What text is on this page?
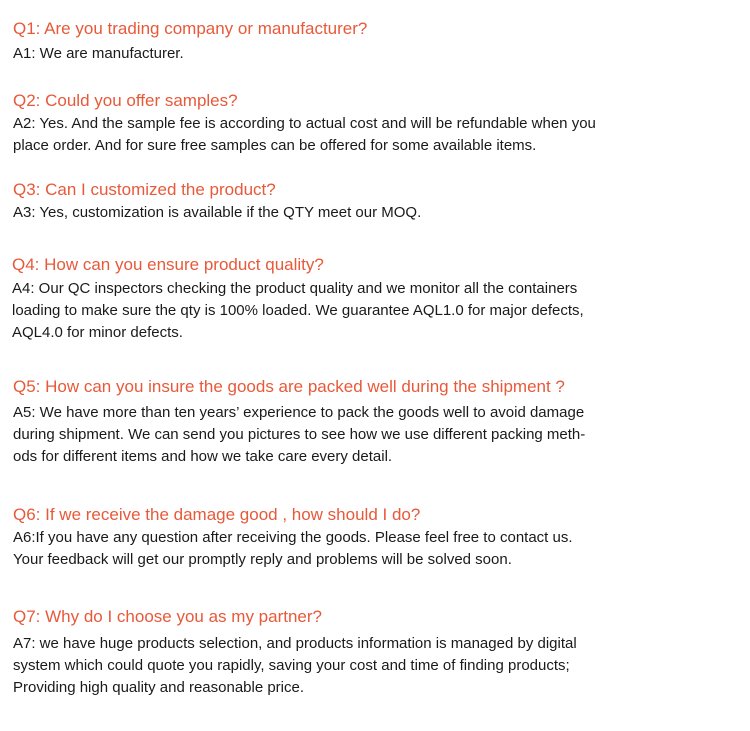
Q1: Are you trading company or manufacturer?
A1: We are manufacturer.
Q2: Could you offer samples?
A2: Yes. And the sample fee is according to actual cost and will be refundable when you
place order. And for sure free samples can be offered for some available items.
Q3: Can I customized the product?
A3: Yes, customization is available if the QTY meet our MOQ.
Q4: How can you ensure product quality?
A4: Our QC inspectors checking the product quality and we monitor all the containers
loading to make sure the qty is 100% loaded. We guarantee AQL1.0 for major defects,
AQL4.0 for minor defects.
Q5: How can you insure the goods are packed well during the shipment ?
A5: We have more than ten years’ experience to pack the goods well to avoid damage
during shipment. We can send you pictures to see how we use different packing meth-
ods for different items and how we take care every detail.
Q6: If we receive the damage good , how should I do?
A6:If you have any question after receiving the goods. Please feel free to contact us.
Your feedback will get our promptly reply and problems will be solved soon.
Q7: Why do I choose you as my partner?
A7: we have huge products selection, and products information is managed by digital
system which could quote you rapidly, saving your cost and time of finding products;
Providing high quality and reasonable price.
